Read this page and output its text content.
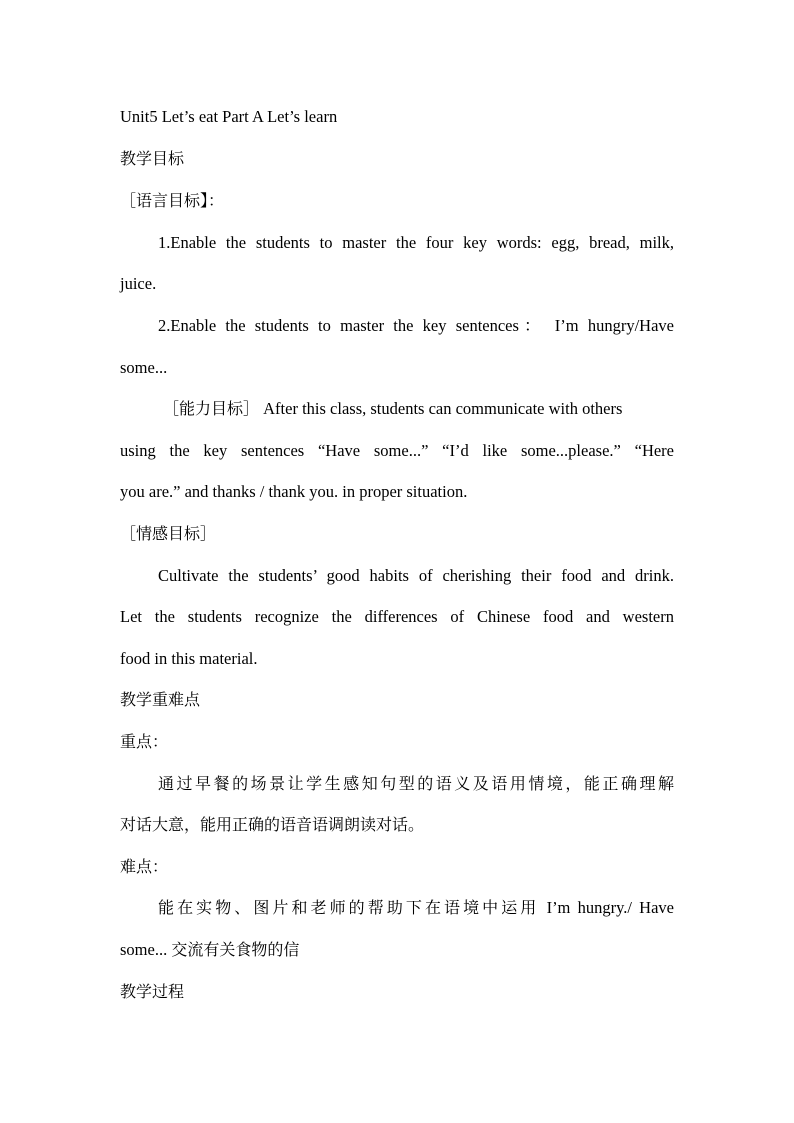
Unit5 Let’s eat Part A Let’s learn
教学目标
［语言目标】：
1.Enable the students to master the four key words: egg, bread, milk,
juice.
2.Enable the students to master the key sentences： I’m hungry/Have
some...
［能力目标］ After this class, students can communicate with others
using the key sentences “Have some...” “I’d like some...please.” “Here
you are.” and thanks / thank you. in proper situation.
［情感目标］
Cultivate the students’ good habits of cherishing their food and drink.
Let the students recognize the differences of Chinese food and western
food in this material.
教学重难点
重点：
通过早餐的场景让学生感知句型的语义及语用情境，能正确理解
对话大意，能用正确的语音语调朗读对话。
难点：
能在实物、图片和老师的帮助下在语境中运用 I’m hungry./ Have
some... 交流有关食物的信
教学过程
